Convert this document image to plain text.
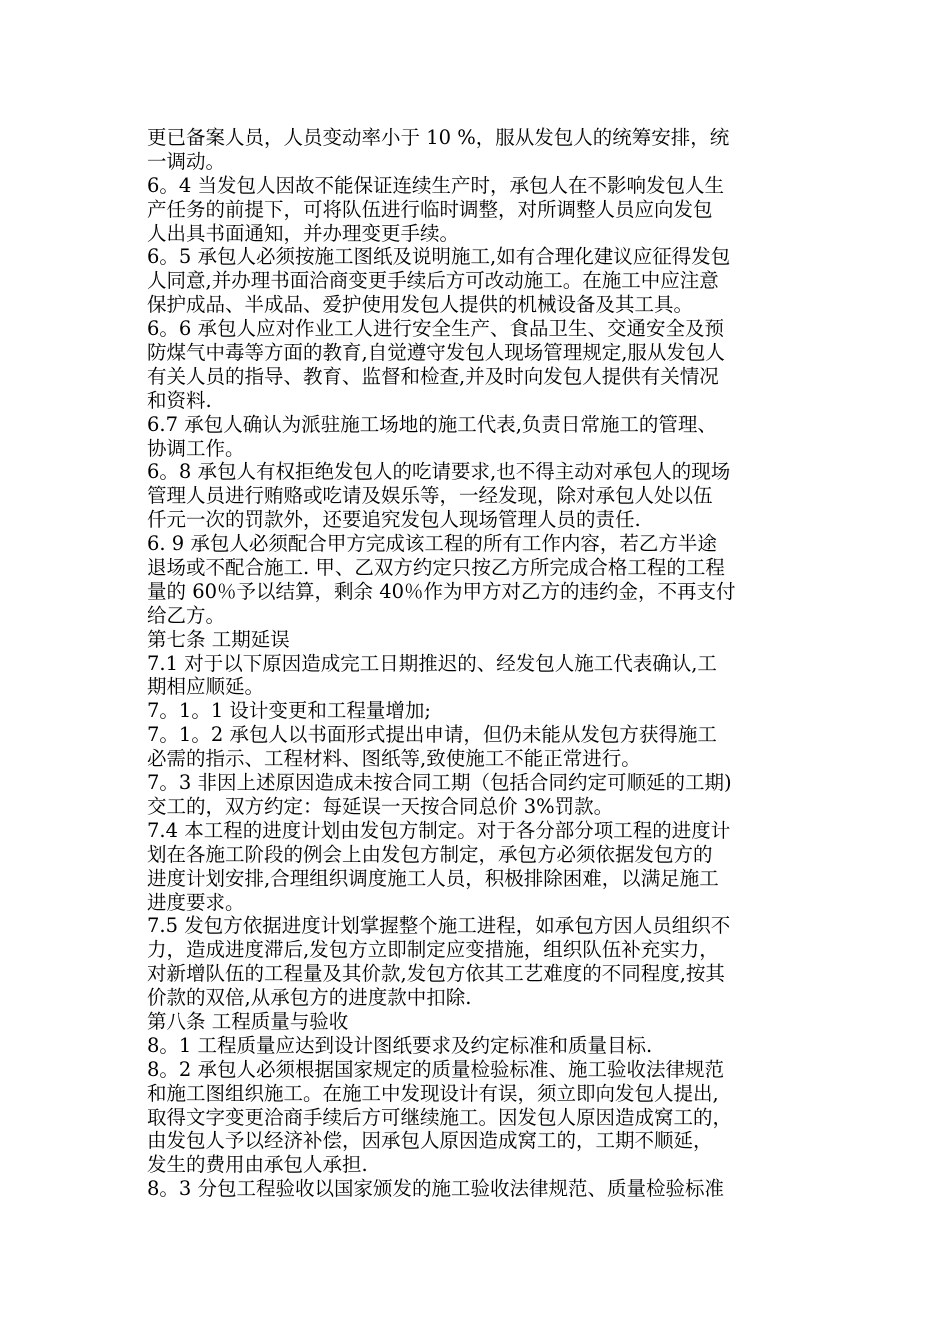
更已备案人员，人员变动率小于 10 %，服从发包人的统筹安排，统
一调动。
6。4 当发包人因故不能保证连续生产时，承包人在不影响发包人生
产任务的前提下，可将队伍进行临时调整，对所调整人员应向发包
人出具书面通知，并办理变更手续。
6。5 承包人必须按施工图纸及说明施工,如有合理化建议应征得发包
人同意,并办理书面洽商变更手续后方可改动施工。在施工中应注意
保护成品、半成品、爱护使用发包人提供的机械设备及其工具。
6。6 承包人应对作业工人进行安全生产、食品卫生、交通安全及预
防煤气中毒等方面的教育,自觉遵守发包人现场管理规定,服从发包人
有关人员的指导、教育、监督和检查,并及时向发包人提供有关情况
和资料.
6.7 承包人确认为派驻施工场地的施工代表,负责日常施工的管理、
协调工作。
6。8 承包人有权拒绝发包人的吃请要求,也不得主动对承包人的现场
管理人员进行贿赂或吃请及娱乐等，一经发现，除对承包人处以伍
仟元一次的罚款外，还要追究发包人现场管理人员的责任.
6. 9 承包人必须配合甲方完成该工程的所有工作内容，若乙方半途
退场或不配合施工. 甲、乙双方约定只按乙方所完成合格工程的工程
量的 60％予以结算，剩余 40％作为甲方对乙方的违约金，不再支付
给乙方。
第七条 工期延误
7.1 对于以下原因造成完工日期推迟的、经发包人施工代表确认,工
期相应顺延。
7。1。1 设计变更和工程量增加;
7。1。2 承包人以书面形式提出申请，但仍未能从发包方获得施工
必需的指示、工程材料、图纸等,致使施工不能正常进行。
7。3 非因上述原因造成未按合同工期（包括合同约定可顺延的工期)
交工的，双方约定：每延误一天按合同总价 3%罚款。
7.4 本工程的进度计划由发包方制定。对于各分部分项工程的进度计
划在各施工阶段的例会上由发包方制定，承包方必须依据发包方的
进度计划安排,合理组织调度施工人员，积极排除困难，以满足施工
进度要求。
7.5 发包方依据进度计划掌握整个施工进程，如承包方因人员组织不
力，造成进度滞后,发包方立即制定应变措施，组织队伍补充实力，
对新增队伍的工程量及其价款,发包方依其工艺难度的不同程度,按其
价款的双倍,从承包方的进度款中扣除.
第八条 工程质量与验收
8。1 工程质量应达到设计图纸要求及约定标准和质量目标.
8。2 承包人必须根据国家规定的质量检验标准、施工验收法律规范
和施工图组织施工。在施工中发现设计有误，须立即向发包人提出,
取得文字变更洽商手续后方可继续施工。因发包人原因造成窝工的，
由发包人予以经济补偿，因承包人原因造成窝工的，工期不顺延，
发生的费用由承包人承担.
8。3 分包工程验收以国家颁发的施工验收法律规范、质量检验标准
